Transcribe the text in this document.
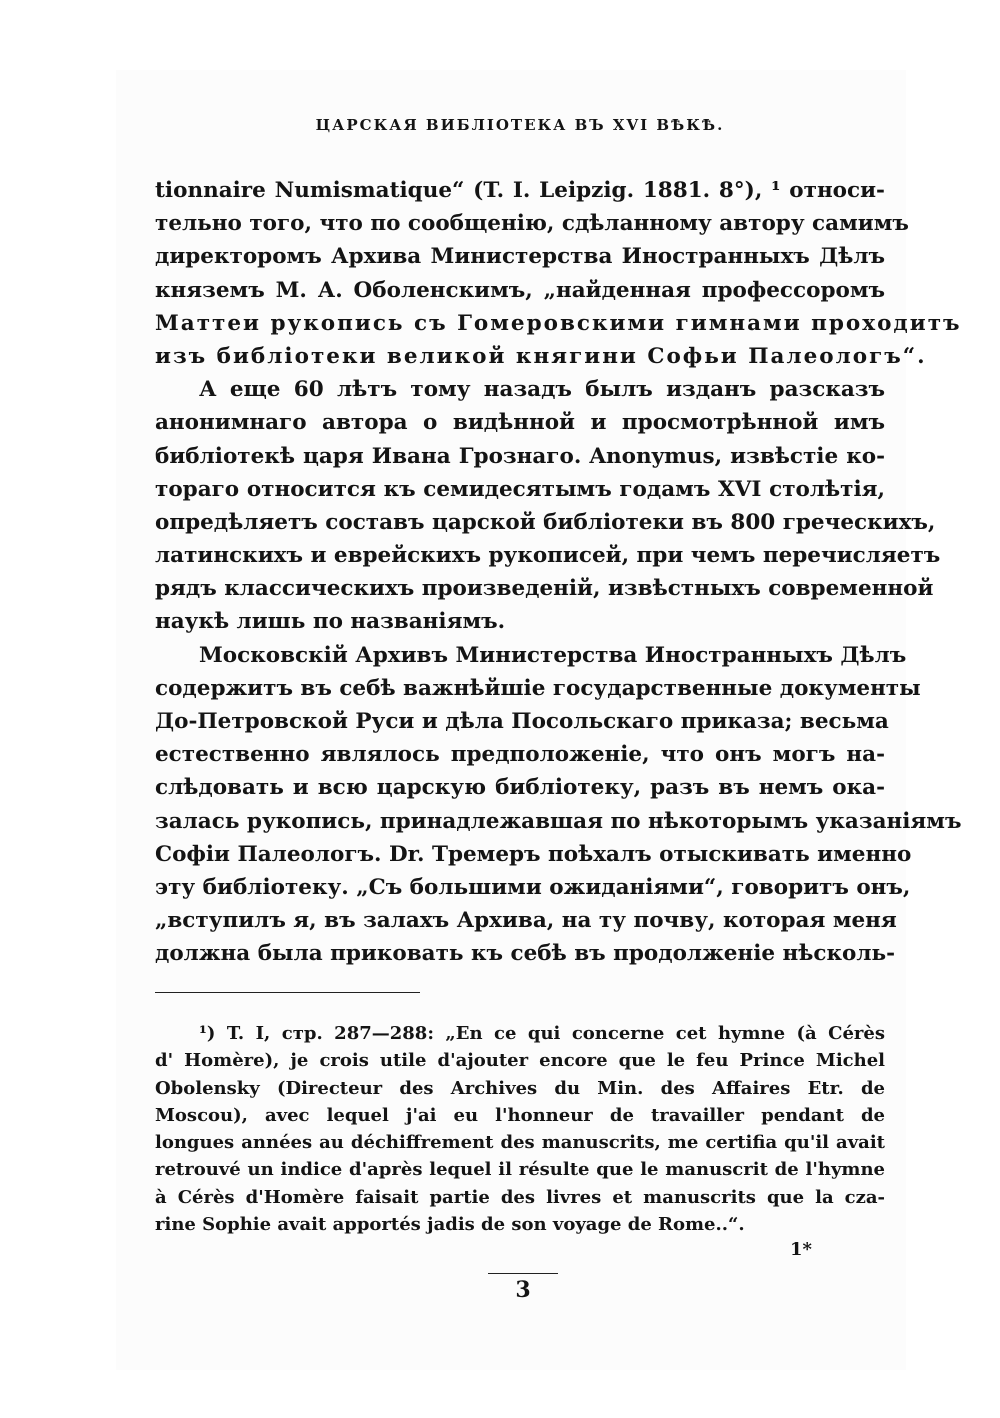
ЦАРСКАЯ ВИБЛІОТЕКА ВЪ XVI ВѢКѢ.
tionnaire Numismatique“ (T. I. Leipzig. 1881. 8°), ¹ относи-
тельно того, что по сообщенію, сдѣланному автору самимъ
директоромъ Архива Министерства Иностранныхъ Дѣлъ
княземъ М. А. Оболенскимъ, „найденная профессоромъ
Маттеи рукопись съ Гомеровскими гимнами проходитъ
изъ библіотеки великой княгини Софьи Палеологъ“.
А еще 60 лѣтъ тому назадъ былъ изданъ разсказъ
анонимнаго автора о видѣнной и просмотрѣнной имъ
библіотекѣ царя Ивана Грознаго. Anonymus, извѣстіе ко-
тораго относится къ семидесятымъ годамъ XVI столѣтія,
опредѣляетъ составъ царской библіотеки въ 800 греческихъ,
латинскихъ и еврейскихъ рукописей, при чемъ перечисляетъ
рядъ классическихъ произведеній, извѣстныхъ современной
наукѣ лишь по названіямъ.
Московскій Архивъ Министерства Иностранныхъ Дѣлъ
содержитъ въ себѣ важнѣйшіе государственные документы
До-Петровской Руси и дѣла Посольскаго приказа; весьма
естественно являлось предположеніе, что онъ могъ на-
слѣдовать и всю царскую библіотеку, разъ въ немъ ока-
залась рукопись, принадлежавшая по нѣкоторымъ указаніямъ
Софіи Палеологъ. Dr. Тремеръ поѣхалъ отыскивать именно
эту библіотеку. „Съ большими ожиданіями“, говоритъ онъ,
„вступилъ я, въ залахъ Архива, на ту почву, которая меня
должна была приковать къ себѣ въ продолженіе нѣсколь-
¹) T. I, стр. 287—288: „En ce qui concerne cet hymne (à Cérès
d' Homère), je crois utile d'ajouter encore que le feu Prince Michel
Obolensky (Directeur des Archives du Min. des Affaires Etr. de
Moscou), avec lequel j'ai eu l'honneur de travailler pendant de
longues années au déchiffrement des manuscrits, me certifia qu'il avait
retrouvé un indice d'après lequel il résulte que le manuscrit de l'hymne
à Cérès d'Homère faisait partie des livres et manuscrits que la cza-
rine Sophie avait apportés jadis de son voyage de Rome..“.
1*
3
